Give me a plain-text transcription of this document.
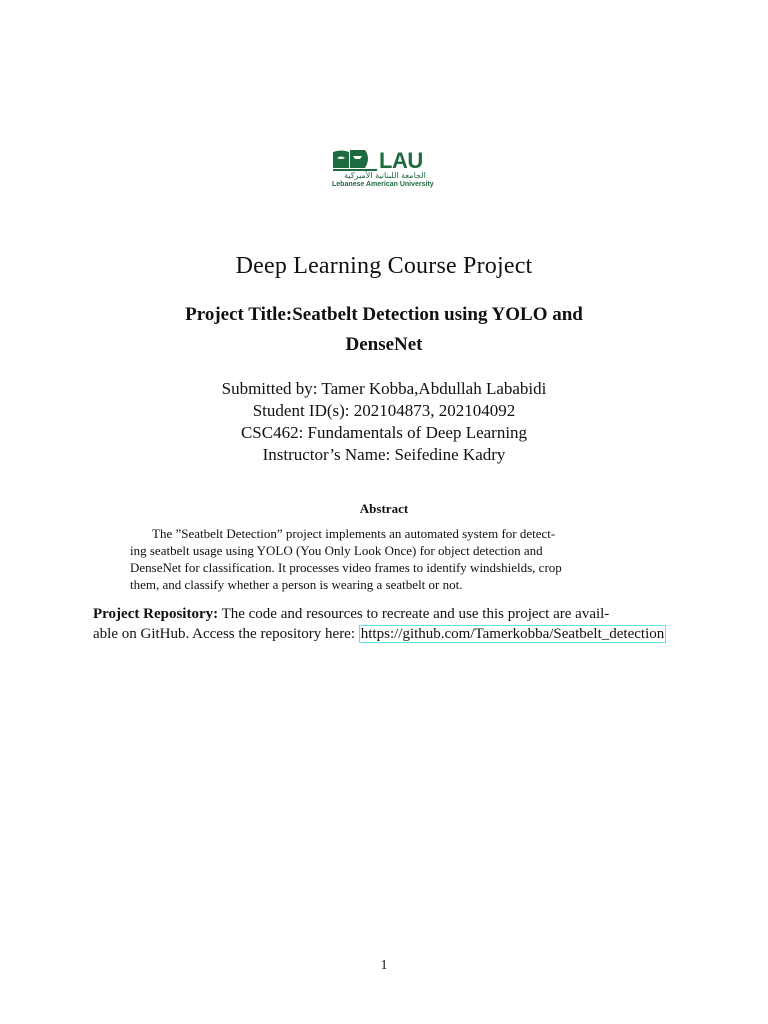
LAU
الجامعة اللبنانية الأميركية
Lebanese American University
Deep Learning Course Project
Project Title:Seatbelt Detection using YOLO and
DenseNet
Submitted by: Tamer Kobba,Abdullah Lababidi
Student ID(s): 202104873, 202104092
CSC462: Fundamentals of Deep Learning
Instructor’s Name: Seifedine Kadry
Abstract
The ”Seatbelt Detection” project implements an automated system for detect-
ing seatbelt usage using YOLO (You Only Look Once) for object detection and
DenseNet for classification. It processes video frames to identify windshields, crop
them, and classify whether a person is wearing a seatbelt or not.
Project Repository: The code and resources to recreate and use this project are avail-
able on GitHub. Access the repository here: https://github.com/Tamerkobba/Seatbelt_detection
1
